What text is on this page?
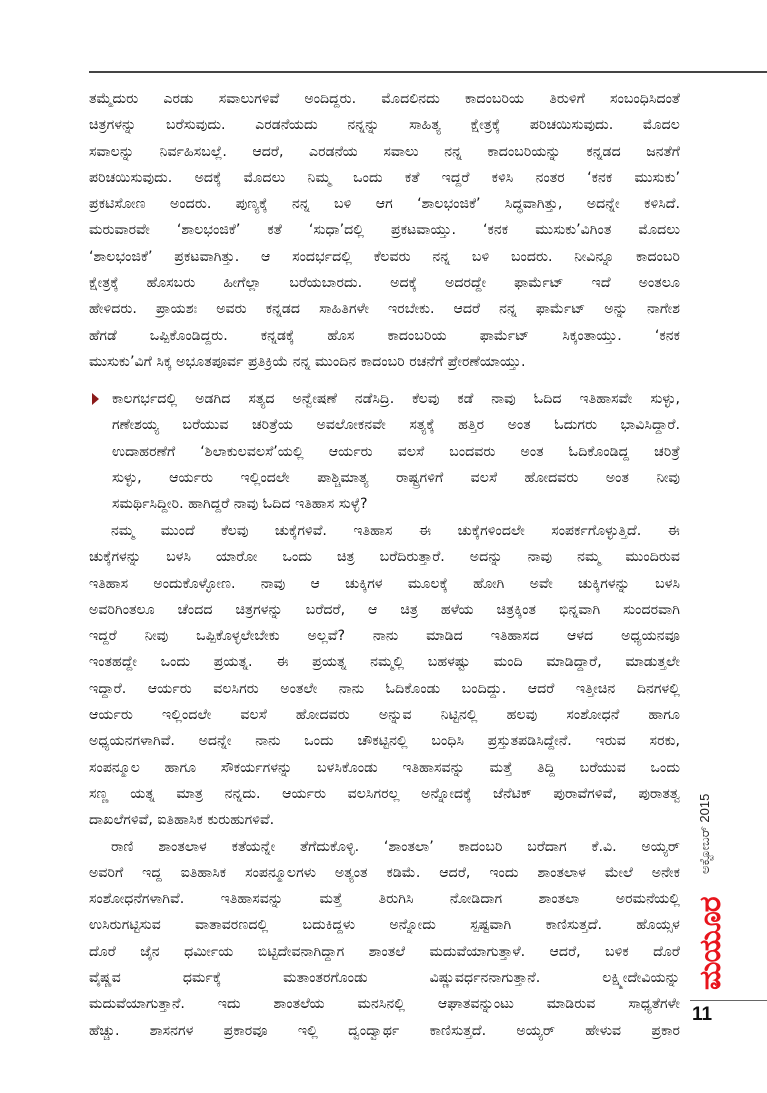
ತಮ್ಮೆದುರು ಎರಡು ಸವಾಲುಗಳಿವೆ ಅಂದಿದ್ದರು. ಮೊದಲಿನದು ಕಾದಂಬರಿಯ ತಿರುಳಿಗೆ ಸಂಬಂಧಿಸಿದಂತೆ
ಚಿತ್ರಗಳನ್ನು ಬರೆಸುವುದು. ಎರಡನೆಯದು ನನ್ನನ್ನು ಸಾಹಿತ್ಯ ಕ್ಷೇತ್ರಕ್ಕೆ ಪರಿಚಯಿಸುವುದು. ಮೊದಲ
ಸವಾಲನ್ನು ನಿರ್ವಹಿಸಬಲ್ಲೆ. ಆದರೆ, ಎರಡನೆಯ ಸವಾಲು ನನ್ನ ಕಾದಂಬರಿಯನ್ನು ಕನ್ನಡದ ಜನತೆಗೆ
ಪರಿಚಯಿಸುವುದು. ಅದಕ್ಕೆ ಮೊದಲು ನಿಮ್ಮ ಒಂದು ಕತೆ ಇದ್ದರೆ ಕಳಿಸಿ ನಂತರ ‘ಕನಕ ಮುಸುಕು’
ಪ್ರಕಟಿಸೋಣ ಅಂದರು. ಪುಣ್ಯಕ್ಕೆ ನನ್ನ ಬಳಿ ಆಗ ‘ಶಾಲಭಂಜಿಕೆ’ ಸಿದ್ಧವಾಗಿತ್ತು, ಅದನ್ನೇ ಕಳಿಸಿದೆ.
ಮರುವಾರವೇ ‘ಶಾಲಭಂಜಿಕೆ’ ಕತೆ ‘ಸುಧಾ’ದಲ್ಲಿ ಪ್ರಕಟವಾಯ್ತು. ‘ಕನಕ ಮುಸುಕು’ವಿಗಿಂತ ಮೊದಲು
‘ಶಾಲಭಂಜಿಕೆ’ ಪ್ರಕಟವಾಗಿತ್ತು. ಆ ಸಂದರ್ಭದಲ್ಲಿ ಕೆಲವರು ನನ್ನ ಬಳಿ ಬಂದರು. ನೀವಿನ್ನೂ ಕಾದಂಬರಿ
ಕ್ಷೇತ್ರಕ್ಕೆ ಹೊಸಬರು ಹೀಗೆಲ್ಲಾ ಬರೆಯಬಾರದು. ಅದಕ್ಕೆ ಅದರದ್ದೇ ಫಾರ್ಮೆಟ್ ಇದೆ ಅಂತಲೂ
ಹೇಳಿದರು. ಪ್ರಾಯಶಃ ಅವರು ಕನ್ನಡದ ಸಾಹಿತಿಗಳೇ ಇರಬೇಕು. ಆದರೆ ನನ್ನ ಫಾರ್ಮೆಟ್ ಅನ್ನು ನಾಗೇಶ
ಹೆಗಡೆ ಒಪ್ಪಿಕೊಂಡಿದ್ದರು. ಕನ್ನಡಕ್ಕೆ ಹೊಸ ಕಾದಂಬರಿಯ ಫಾರ್ಮೆಟ್ ಸಿಕ್ಕಂತಾಯ್ತು. ‘ಕನಕ
ಮುಸುಕು’ವಿಗೆ ಸಿಕ್ಕ ಅಭೂತಪೂರ್ವ ಪ್ರತಿಕ್ರಿಯೆ ನನ್ನ ಮುಂದಿನ ಕಾದಂಬರಿ ರಚನೆಗೆ ಪ್ರೇರಣೆಯಾಯ್ತು.
ಕಾಲಗರ್ಭದಲ್ಲಿ ಅಡಗಿದ ಸತ್ಯದ ಅನ್ವೇಷಣೆ ನಡೆಸಿದ್ರಿ. ಕೆಲವು ಕಡೆ ನಾವು ಓದಿದ ಇತಿಹಾಸವೇ ಸುಳ್ಳು,
ಗಣೇಶಯ್ಯ ಬರೆಯುವ ಚರಿತ್ರೆಯ ಅವಲೋಕನವೇ ಸತ್ಯಕ್ಕೆ ಹತ್ತಿರ ಅಂತ ಓದುಗರು ಭಾವಿಸಿದ್ದಾರೆ.
ಉದಾಹರಣೆಗೆ ‘ಶಿಲಾಕುಲವಲಸೆ’ಯಲ್ಲಿ ಆರ್ಯರು ವಲಸೆ ಬಂದವರು ಅಂತ ಓದಿಕೊಂಡಿದ್ದ ಚರಿತ್ರೆ
ಸುಳ್ಳು, ಆರ್ಯರು ಇಲ್ಲಿಂದಲೇ ಪಾಶ್ಚಿಮಾತ್ಯ ರಾಷ್ಟ್ರಗಳಿಗೆ ವಲಸೆ ಹೋದವರು ಅಂತ ನೀವು
ಸಮರ್ಥಿಸಿದ್ದೀರಿ. ಹಾಗಿದ್ದರೆ ನಾವು ಓದಿದ ಇತಿಹಾಸ ಸುಳ್ಳೆ?
ನಮ್ಮ ಮುಂದೆ ಕೆಲವು ಚುಕ್ಕೆಗಳಿವೆ. ಇತಿಹಾಸ ಈ ಚುಕ್ಕೆಗಳಿಂದಲೇ ಸಂಪರ್ಕಗೊಳ್ಳುತ್ತಿದೆ. ಈ
ಚುಕ್ಕೆಗಳನ್ನು ಬಳಸಿ ಯಾರೋ ಒಂದು ಚಿತ್ರ ಬರೆದಿರುತ್ತಾರೆ. ಅದನ್ನು ನಾವು ನಮ್ಮ ಮುಂದಿರುವ
ಇತಿಹಾಸ ಅಂದುಕೊಳ್ಳೋಣ. ನಾವು ಆ ಚುಕ್ಕಿಗಳ ಮೂಲಕ್ಕೆ ಹೋಗಿ ಅವೇ ಚುಕ್ಕಿಗಳನ್ನು ಬಳಸಿ
ಅವರಿಗಿಂತಲೂ ಚೆಂದದ ಚಿತ್ರಗಳನ್ನು ಬರೆದರೆ, ಆ ಚಿತ್ರ ಹಳೆಯ ಚಿತ್ರಕ್ಕಿಂತ ಭಿನ್ನವಾಗಿ ಸುಂದರವಾಗಿ
ಇದ್ದರೆ ನೀವು ಒಪ್ಪಿಕೊಳ್ಳಲೇಬೇಕು ಅಲ್ಲವೆ? ನಾನು ಮಾಡಿದ ಇತಿಹಾಸದ ಆಳದ ಅಧ್ಯಯನವೂ
ಇಂತಹದ್ದೇ ಒಂದು ಪ್ರಯತ್ನ. ಈ ಪ್ರಯತ್ನ ನಮ್ಮಲ್ಲಿ ಬಹಳಷ್ಟು ಮಂದಿ ಮಾಡಿದ್ದಾರೆ, ಮಾಡುತ್ತಲೇ
ಇದ್ದಾರೆ. ಆರ್ಯರು ವಲಸಿಗರು ಅಂತಲೇ ನಾನು ಓದಿಕೊಂಡು ಬಂದಿದ್ದು. ಆದರೆ ಇತ್ತೀಚಿನ ದಿನಗಳಲ್ಲಿ
ಆರ್ಯರು ಇಲ್ಲಿಂದಲೇ ವಲಸೆ ಹೋದವರು ಅನ್ನುವ ನಿಟ್ಟಿನಲ್ಲಿ ಹಲವು ಸಂಶೋಧನೆ ಹಾಗೂ
ಅಧ್ಯಯನಗಳಾಗಿವೆ. ಅದನ್ನೇ ನಾನು ಒಂದು ಚೌಕಟ್ಟಿನಲ್ಲಿ ಬಂಧಿಸಿ ಪ್ರಸ್ತುತಪಡಿಸಿದ್ದೇನೆ. ಇರುವ ಸರಕು,
ಸಂಪನ್ಮೂಲ ಹಾಗೂ ಸೌಕರ್ಯಗಳನ್ನು ಬಳಸಿಕೊಂಡು ಇತಿಹಾಸವನ್ನು ಮತ್ತೆ ತಿದ್ದಿ ಬರೆಯುವ ಒಂದು
ಸಣ್ಣ ಯತ್ನ ಮಾತ್ರ ನನ್ನದು. ಆರ್ಯರು ವಲಸಿಗರಲ್ಲ ಅನ್ನೋದಕ್ಕೆ ಜೆನೆಟಿಕ್ ಪುರಾವೆಗಳಿವೆ, ಪುರಾತತ್ವ
ದಾಖಲೆಗಳಿವೆ, ಐತಿಹಾಸಿಕ ಕುರುಹುಗಳಿವೆ.
ರಾಣಿ ಶಾಂತಲಾಳ ಕತೆಯನ್ನೇ ತೆಗೆದುಕೊಳ್ಳಿ. ‘ಶಾಂತಲಾ’ ಕಾದಂಬರಿ ಬರೆದಾಗ ಕೆ.ವಿ. ಅಯ್ಯರ್
ಅವರಿಗೆ ಇದ್ದ ಐತಿಹಾಸಿಕ ಸಂಪನ್ಮೂಲಗಳು ಅತ್ಯಂತ ಕಡಿಮೆ. ಆದರೆ, ಇಂದು ಶಾಂತಲಾಳ ಮೇಲೆ ಅನೇಕ
ಸಂಶೋಧನೆಗಳಾಗಿವೆ. ಇತಿಹಾಸವನ್ನು ಮತ್ತೆ ತಿರುಗಿಸಿ ನೋಡಿದಾಗ ಶಾಂತಲಾ ಅರಮನೆಯಲ್ಲಿ
ಉಸಿರುಗಟ್ಟಿಸುವ ವಾತಾವರಣದಲ್ಲಿ ಬದುಕಿದ್ದಳು ಅನ್ನೋದು ಸ್ಪಷ್ಟವಾಗಿ ಕಾಣಿಸುತ್ತದೆ. ಹೊಯ್ಸಳ
ದೊರೆ ಜೈನ ಧರ್ಮೀಯ ಬಿಟ್ಟಿದೇವನಾಗಿದ್ದಾಗ ಶಾಂತಲೆ ಮದುವೆಯಾಗುತ್ತಾಳೆ. ಆದರೆ, ಬಳಿಕ ದೊರೆ
ವೈಷ್ಣವ ಧರ್ಮಕ್ಕೆ ಮತಾಂತರಗೊಂಡು ವಿಷ್ಣುವರ್ಧನನಾಗುತ್ತಾನೆ. ಲಕ್ಷ್ಮೀದೇವಿಯನ್ನು
ಮದುವೆಯಾಗುತ್ತಾನೆ. ಇದು ಶಾಂತಲೆಯ ಮನಸಿನಲ್ಲಿ ಆಘಾತವನ್ನುಂಟು ಮಾಡಿರುವ ಸಾಧ್ಯತೆಗಳೇ
ಹೆಚ್ಚು. ಶಾಸನಗಳ ಪ್ರಕಾರವೂ ಇಲ್ಲಿ ದ್ವಂದ್ವಾರ್ಥ ಕಾಣಿಸುತ್ತದೆ. ಅಯ್ಯರ್ ಹೇಳುವ ಪ್ರಕಾರ
ಅಕ್ಟೋಬರ್ 2015
ಮಯೂರ
11
